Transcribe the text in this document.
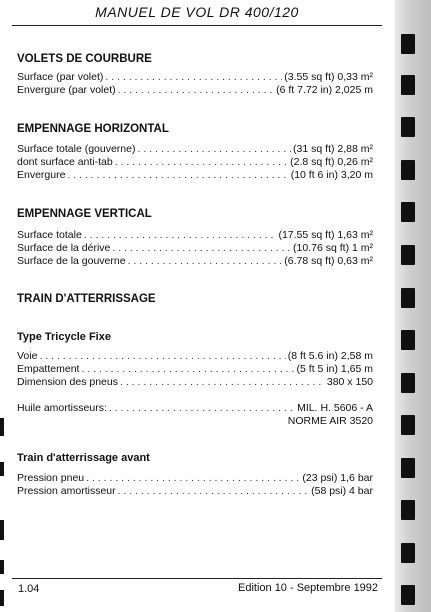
MANUEL DE VOL DR 400/120
VOLETS DE COURBURE
Surface (par volet) . . .	(3.55 sq ft) 0,33 m²
Envergure (par volet) . . .	(6 ft 7.72 in) 2,025 m
EMPENNAGE HORIZONTAL
Surface totale (gouverne) . . .	(31 sq ft) 2,88 m²
dont surface anti-tab . . .	(2.8 sq ft) 0,26 m²
Envergure . . .	(10 ft 6 in) 3,20 m
EMPENNAGE VERTICAL
Surface totale . . .	(17.55 sq ft) 1,63 m²
Surface de la dérive . . .	(10.76 sq ft) 1 m²
Surface de la gouverne . . .	(6.78 sq ft) 0,63 m²
TRAIN D'ATTERRISSAGE
Type Tricycle Fixe
Voie . . .	(8 ft 5.6 in) 2,58 m
Empattement . . .	(5 ft 5 in) 1,65 m
Dimension des pneus . . .	380 x 150
Huile amortisseurs: . . .	MIL. H. 5606 - A
NORME AIR 3520
Train d'atterrissage avant
Pression pneu . . .	(23 psi) 1,6 bar
Pression amortisseur . . .	(58 psi) 4 bar
1.04	Edition 10 - Septembre 1992
